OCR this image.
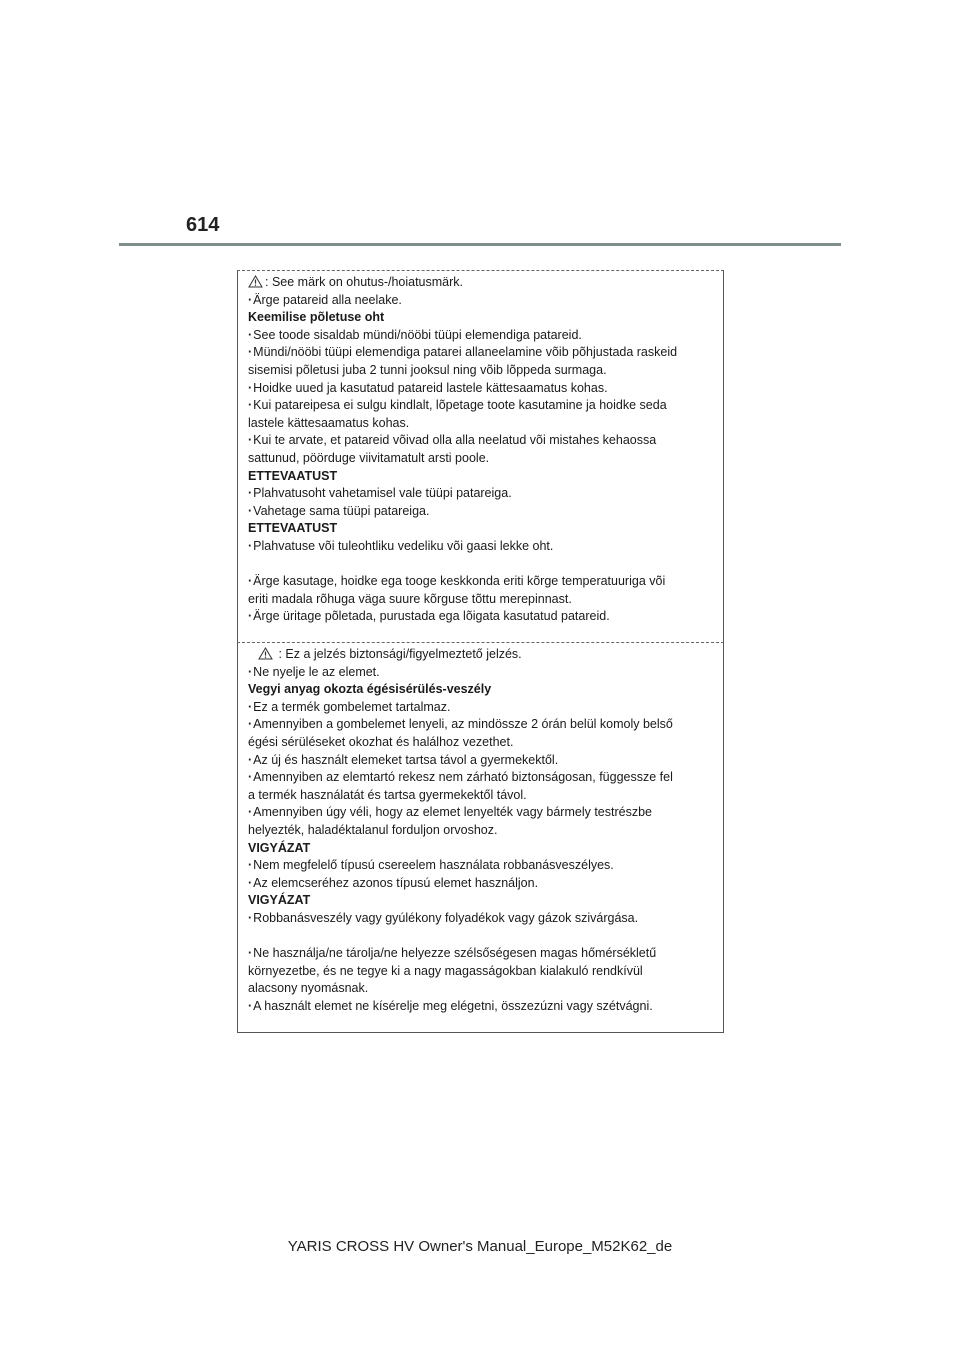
614
: See märk on ohutus-/hoiatusmärk.
· Ärge patareid alla neelake.
Keemilise põletuse oht
· See toode sisaldab mündi/nööbi tüüpi elemendiga patareid.
· Mündi/nööbi tüüpi elemendiga patarei allaneelamine võib põhjustada raskeid
sisemisi põletusi juba 2 tunni jooksul ning võib lõppeda surmaga.
· Hoidke uued ja kasutatud patareid lastele kättesaamatus kohas.
· Kui patareipesa ei sulgu kindlalt, lõpetage toote kasutamine ja hoidke seda
lastele kättesaamatus kohas.
· Kui te arvate, et patareid võivad olla alla neelatud või mistahes kehaossa
sattunud, pöörduge viivitamatult arsti poole.
ETTEVAATUST
· Plahvatusoht vahetamisel vale tüüpi patareiga.
· Vahetage sama tüüpi patareiga.
ETTEVAATUST
· Plahvatuse või tuleohtliku vedeliku või gaasi lekke oht.
· Ärge kasutage, hoidke ega tooge keskkonda eriti kõrge temperatuuriga või
eriti madala rõhuga väga suure kõrguse tõttu merepinnast.
· Ärge üritage põletada, purustada ega lõigata kasutatud patareid.
: Ez a jelzés biztonsági/figyelmeztető jelzés.
· Ne nyelje le az elemet.
Vegyi anyag okozta égésisérülés-veszély
· Ez a termék gombelemet tartalmaz.
· Amennyiben a gombelemet lenyeli, az mindössze 2 órán belül komoly belső
égési sérüléseket okozhat és halálhoz vezethet.
· Az új és használt elemeket tartsa távol a gyermekektől.
· Amennyiben az elemtartó rekesz nem zárható biztonságosan, függessze fel
a termék használatát és tartsa gyermekektől távol.
· Amennyiben úgy véli, hogy az elemet lenyelték vagy bármely testrészbe
helyezték, haladéktalanul forduljon orvoshoz.
VIGYÁZAT
· Nem megfelelő típusú csereelem használata robbanásveszélyes.
· Az elemcseréhez azonos típusú elemet használjon.
VIGYÁZAT
· Robbanásveszély vagy gyúlékony folyadékok vagy gázok szivárgása.
· Ne használja/ne tárolja/ne helyezze szélsőségesen magas hőmérsékletű
környezetbe, és ne tegye ki a nagy magasságokban kialakuló rendkívül
alacsony nyomásnak.
· A használt elemet ne kísérelje meg elégetni, összezúzni vagy szétvágni.
YARIS CROSS HV Owner's Manual_Europe_M52K62_de
